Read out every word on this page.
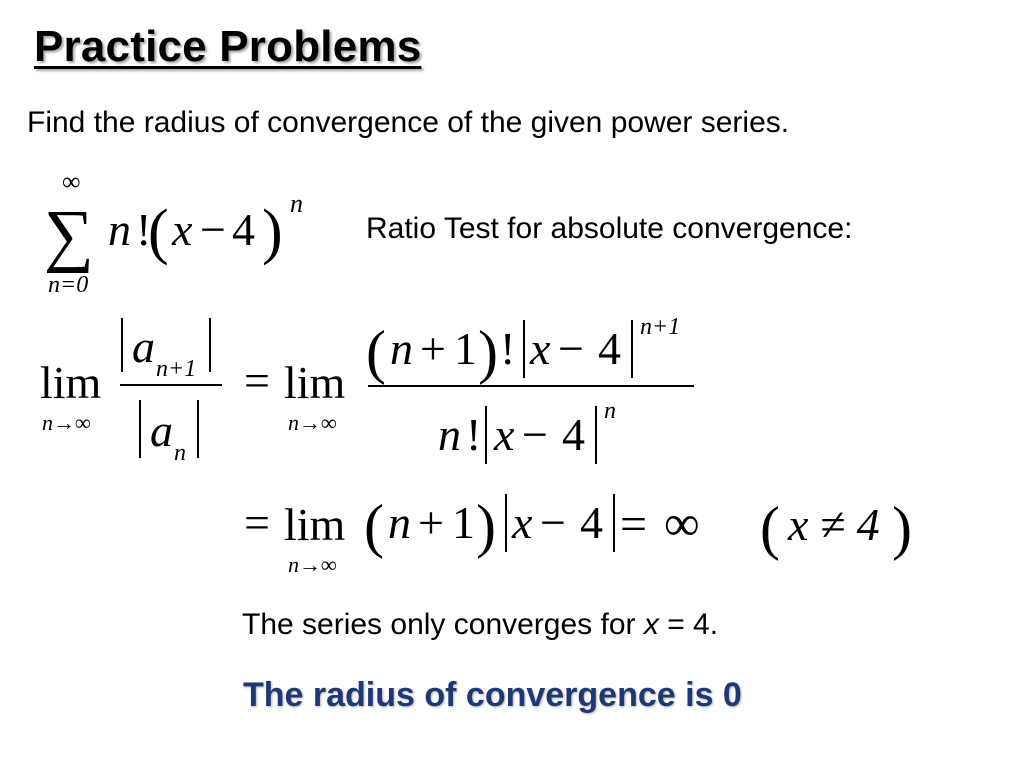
Practice Problems
Find the radius of convergence of the given power series.
Ratio Test for absolute convergence:
∞
∑
n=0
n !
( x − 4 ) n
lim
n→∞
a n+1
a n
= lim
n→∞
( n + 1 ) ! x − 4 n+1
n ! x − 4 n
= lim
n→∞
( n + 1 ) x − 4 = ∞ ( x ≠ 4 )
The series only converges for x = 4.
The radius of convergence is 0
